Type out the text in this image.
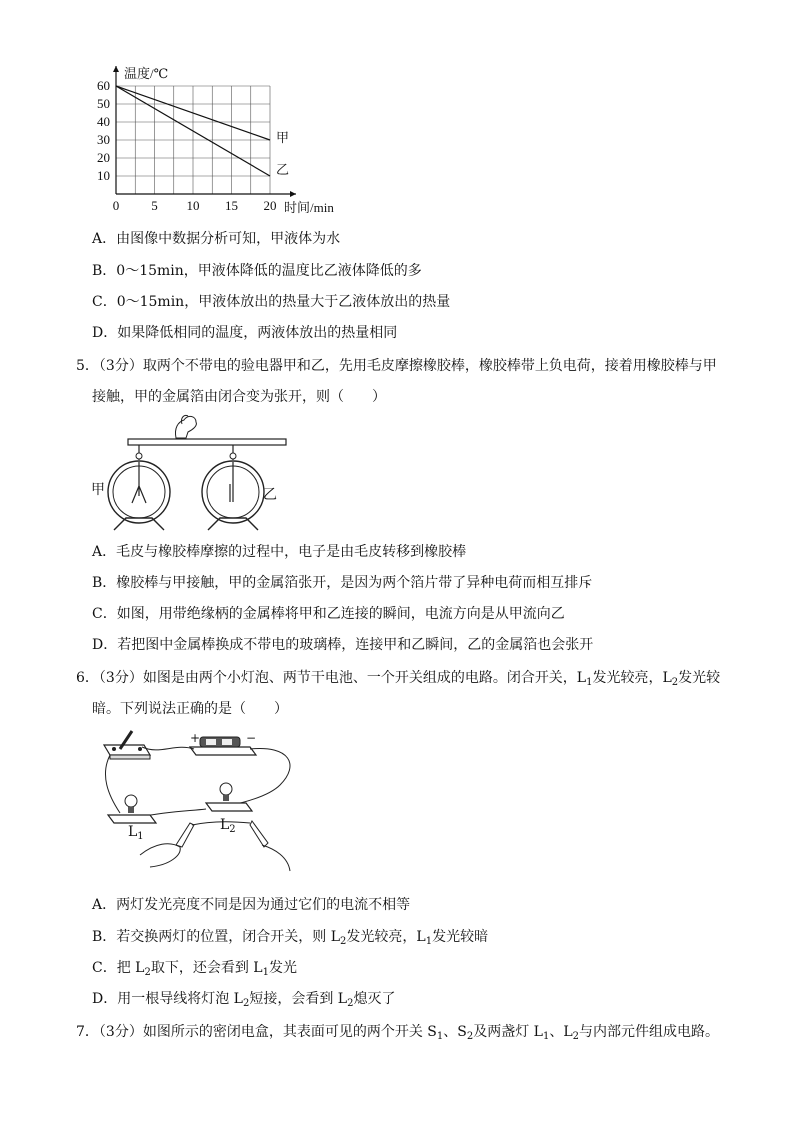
甲
乙
0 5 10 15 20
10
20
30
40
50
60
温度/℃
时间/min
A．由图像中数据分析可知，甲液体为水
B．0～15min，甲液体降低的温度比乙液体降低的多
C．0～15min，甲液体放出的热量大于乙液体放出的热量
D．如果降低相同的温度，两液体放出的热量相同
5．（3分）取两个不带电的验电器甲和乙，先用毛皮摩擦橡胶棒，橡胶棒带上负电荷，接着用橡胶棒与甲
接触，甲的金属箔由闭合变为张开，则（　　）
甲	乙
A．毛皮与橡胶棒摩擦的过程中，电子是由毛皮转移到橡胶棒
B．橡胶棒与甲接触，甲的金属箔张开，是因为两个箔片带了异种电荷而相互排斥
C．如图，用带绝缘柄的金属棒将甲和乙连接的瞬间，电流方向是从甲流向乙
D．若把图中金属棒换成不带电的玻璃棒，连接甲和乙瞬间，乙的金属箔也会张开
6．（3分）如图是由两个小灯泡、两节干电池、一个开关组成的电路。闭合开关，$L_1$发光较亮，$L_2$发光较
暗。下列说法正确的是（　　）
+	−
$L_1$
$L_2$
A．两灯发光亮度不同是因为通过它们的电流不相等
B．若交换两灯的位置，闭合开关，则 $L_2$发光较亮，$L_1$发光较暗
C．把 $L_2$取下，还会看到 $L_1$发光
D．用一根导线将灯泡 $L_2$短接，会看到 $L_2$熄灭了
7．（3分）如图所示的密闭电盒，其表面可见的两个开关 $S_1$、$S_2$及两盏灯 $L_1$、$L_2$与内部元件组成电路。
